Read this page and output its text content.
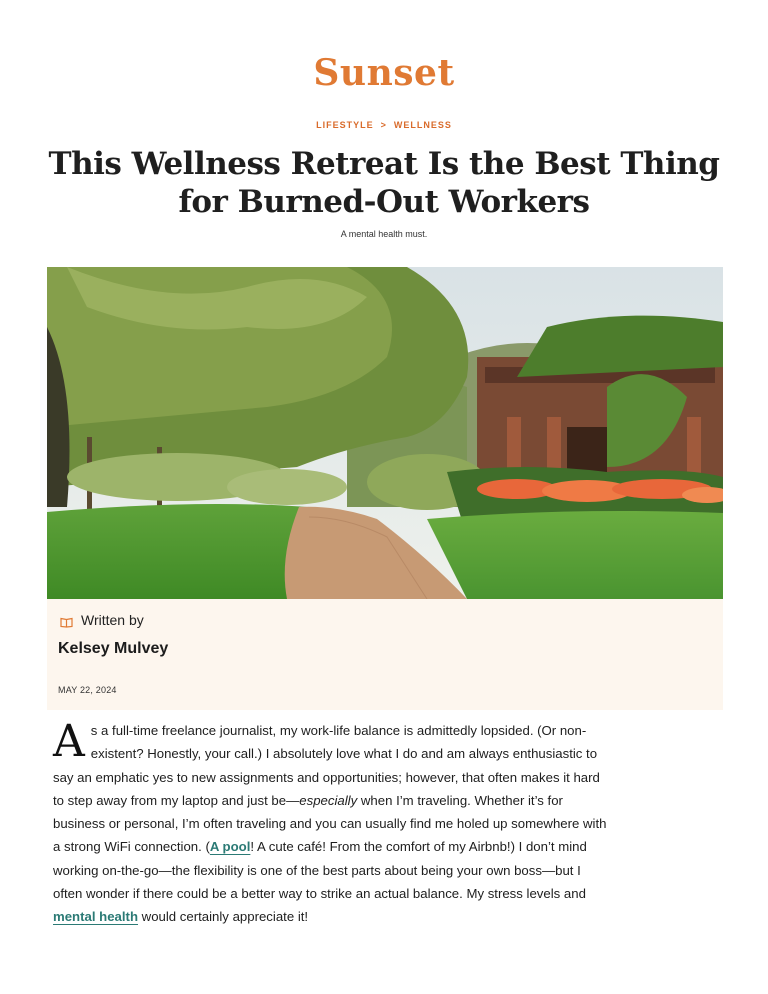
Sunset
LIFESTYLE > WELLNESS
This Wellness Retreat Is the Best Thing for Burned-Out Workers
A mental health must.
Written by
Kelsey Mulvey
MAY 22, 2024

As a full-time freelance journalist, my work-life balance is admittedly lopsided. (Or non-existent? Honestly, your call.) I absolutely love what I do and am always enthusiastic to say an emphatic yes to new assignments and opportunities; however, that often makes it hard to step away from my laptop and just be—especially when I’m traveling. Whether it’s for business or personal, I’m often traveling and you can usually find me holed up somewhere with a strong WiFi connection. (A pool! A cute café! From the comfort of my Airbnb!) I don’t mind working on-the-go—the flexibility is one of the best parts about being your own boss—but I often wonder if there could be a better way to strike an actual balance. My stress levels and mental health would certainly appreciate it!
